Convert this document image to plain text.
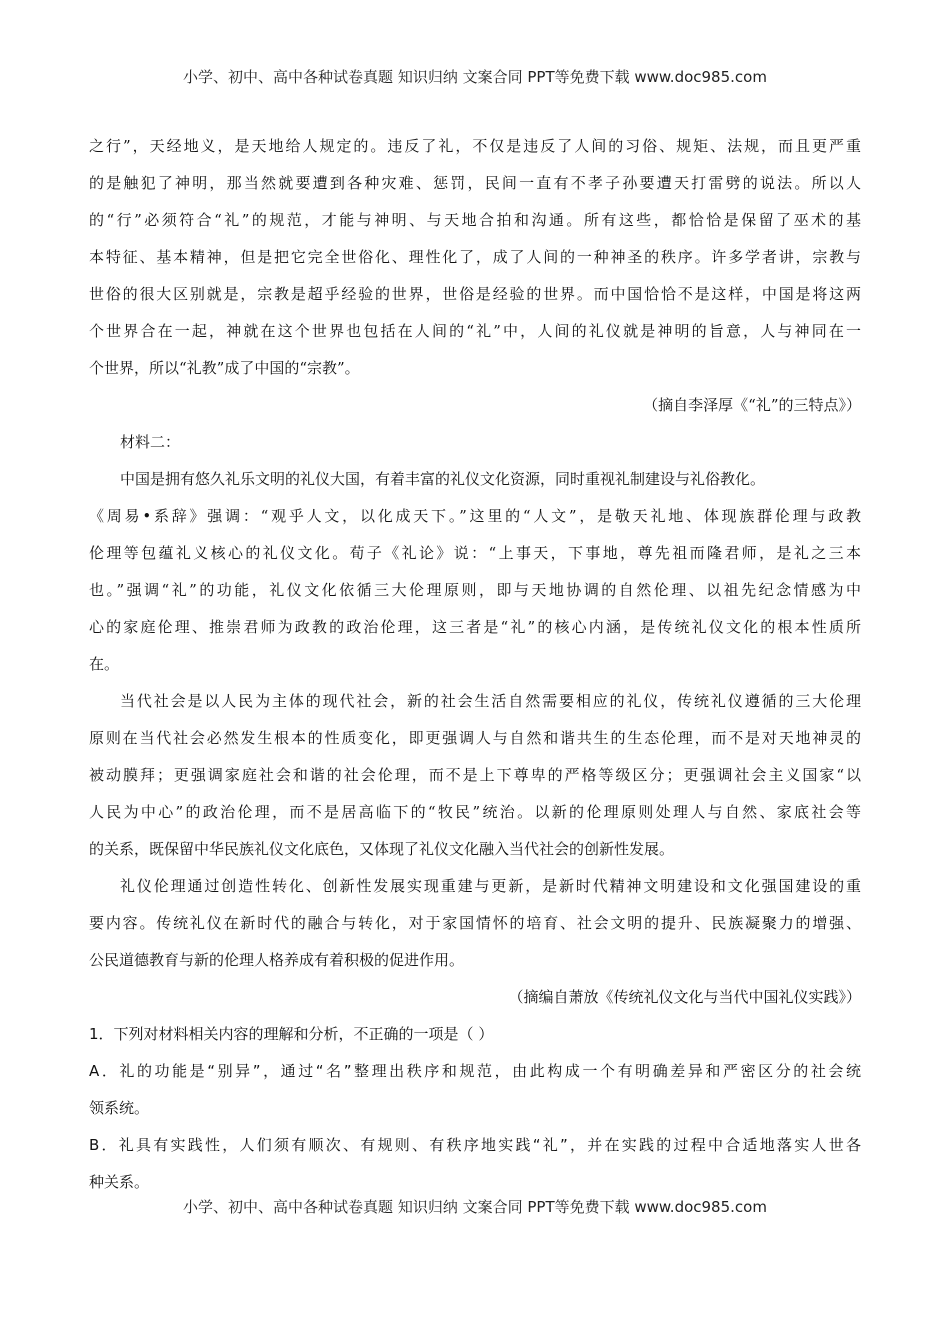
小学、初中、高中各种试卷真题 知识归纳 文案合同 PPT等免费下载 www.doc985.com
之行”，天经地义，是天地给人规定的。违反了礼，不仅是违反了人间的习俗、规矩、法规，而且更严重
的是触犯了神明，那当然就要遭到各种灾难、惩罚，民间一直有不孝子孙要遭天打雷劈的说法。所以人
的“行”必须符合“礼”的规范，才能与神明、与天地合拍和沟通。所有这些，都恰恰是保留了巫术的基
本特征、基本精神，但是把它完全世俗化、理性化了，成了人间的一种神圣的秩序。许多学者讲，宗教与
世俗的很大区别就是，宗教是超乎经验的世界，世俗是经验的世界。而中国恰恰不是这样，中国是将这两
个世界合在一起，神就在这个世界也包括在人间的“礼”中，人间的礼仪就是神明的旨意，人与神同在一
个世界，所以“礼教”成了中国的“宗教”。
（摘自李泽厚《“礼”的三特点》）
材料二：
中国是拥有悠久礼乐文明的礼仪大国，有着丰富的礼仪文化资源，同时重视礼制建设与礼俗教化。
《周易•系辞》强调：“观乎人文，以化成天下。”这里的“人文”，是敬天礼地、体现族群伦理与政教
伦理等包蕴礼义核心的礼仪文化。荀子《礼论》说：“上事天，下事地，尊先祖而隆君师，是礼之三本
也。”强调“礼”的功能，礼仪文化依循三大伦理原则，即与天地协调的自然伦理、以祖先纪念情感为中
心的家庭伦理、推崇君师为政教的政治伦理，这三者是“礼”的核心内涵，是传统礼仪文化的根本性质所
在。
当代社会是以人民为主体的现代社会，新的社会生活自然需要相应的礼仪，传统礼仪遵循的三大伦理
原则在当代社会必然发生根本的性质变化，即更强调人与自然和谐共生的生态伦理，而不是对天地神灵的
被动膜拜；更强调家庭社会和谐的社会伦理，而不是上下尊卑的严格等级区分；更强调社会主义国家“以
人民为中心”的政治伦理，而不是居高临下的“牧民”统治。以新的伦理原则处理人与自然、家底社会等
的关系，既保留中华民族礼仪文化底色，又体现了礼仪文化融入当代社会的创新性发展。
礼仪伦理通过创造性转化、创新性发展实现重建与更新，是新时代精神文明建设和文化强国建设的重
要内容。传统礼仪在新时代的融合与转化，对于家国情怀的培育、社会文明的提升、民族凝聚力的增强、
公民道德教育与新的伦理人格养成有着积极的促进作用。
（摘编自萧放《传统礼仪文化与当代中国礼仪实践》）
1．下列对材料相关内容的理解和分析，不正确的一项是（ ）
A．礼的功能是“别异”，通过“名”整理出秩序和规范，由此构成一个有明确差异和严密区分的社会统
领系统。
B．礼具有实践性，人们须有顺次、有规则、有秩序地实践“礼”，并在实践的过程中合适地落实人世各
种关系。
小学、初中、高中各种试卷真题 知识归纳 文案合同 PPT等免费下载 www.doc985.com
